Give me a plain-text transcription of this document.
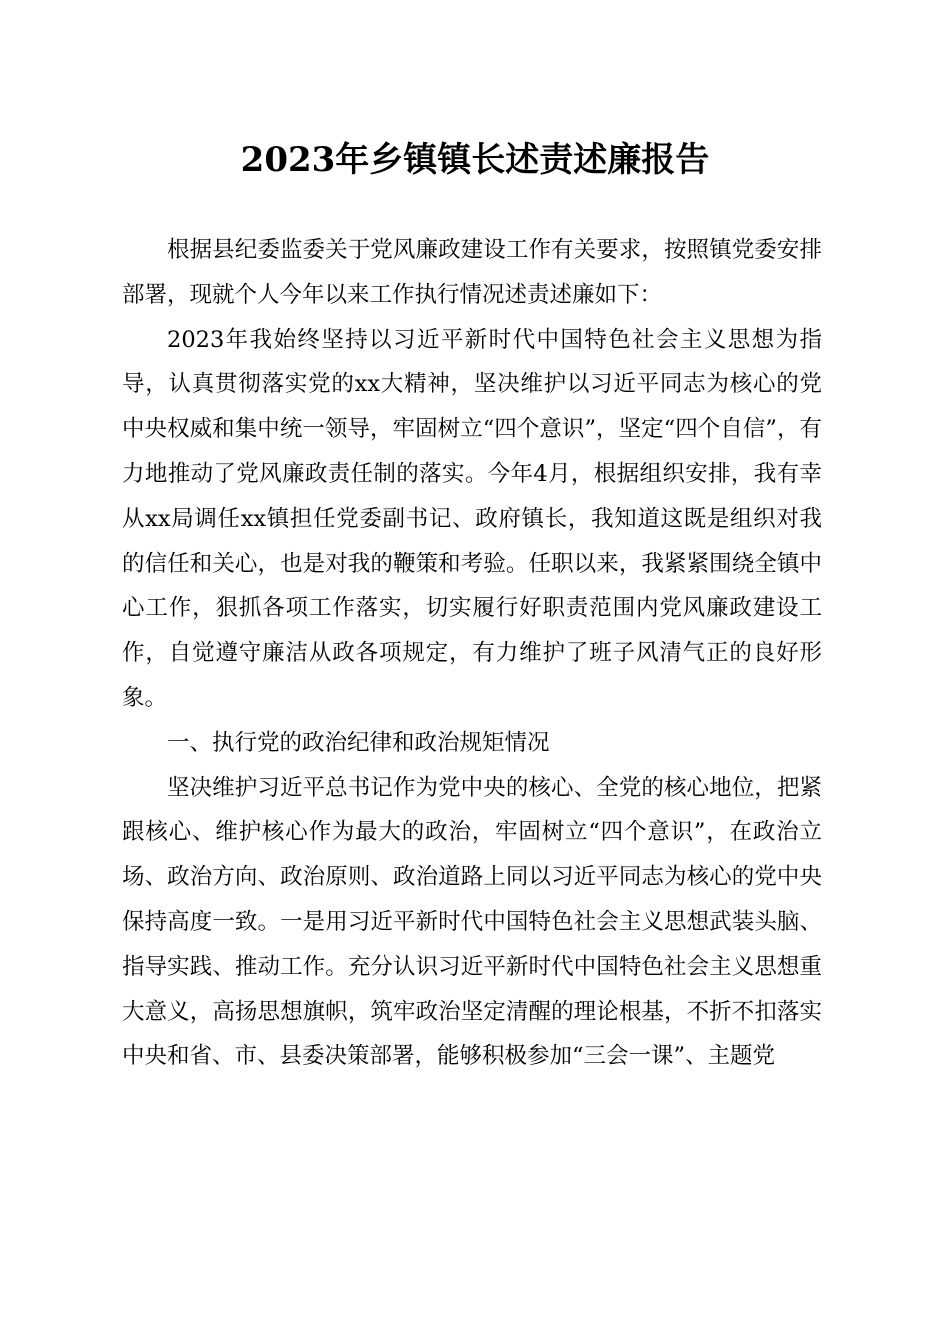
2023年乡镇镇长述责述廉报告

根据县纪委监委关于党风廉政建设工作有关要求，按照镇党委安排部署，现就个人今年以来工作执行情况述责述廉如下：

2023年我始终坚持以习近平新时代中国特色社会主义思想为指导，认真贯彻落实党的xx大精神，坚决维护以习近平同志为核心的党中央权威和集中统一领导，牢固树立“四个意识”，坚定“四个自信”，有力地推动了党风廉政责任制的落实。今年4月，根据组织安排，我有幸从xx局调任xx镇担任党委副书记、政府镇长，我知道这既是组织对我的信任和关心，也是对我的鞭策和考验。任职以来，我紧紧围绕全镇中心工作，狠抓各项工作落实，切实履行好职责范围内党风廉政建设工作，自觉遵守廉洁从政各项规定，有力维护了班子风清气正的良好形象。

一、执行党的政治纪律和政治规矩情况

坚决维护习近平总书记作为党中央的核心、全党的核心地位，把紧跟核心、维护核心作为最大的政治，牢固树立“四个意识”，在政治立场、政治方向、政治原则、政治道路上同以习近平同志为核心的党中央保持高度一致。一是用习近平新时代中国特色社会主义思想武装头脑、指导实践、推动工作。充分认识习近平新时代中国特色社会主义思想重大意义，高扬思想旗帜，筑牢政治坚定清醒的理论根基，不折不扣落实中央和省、市、县委决策部署，能够积极参加“三会一课”、主题党
